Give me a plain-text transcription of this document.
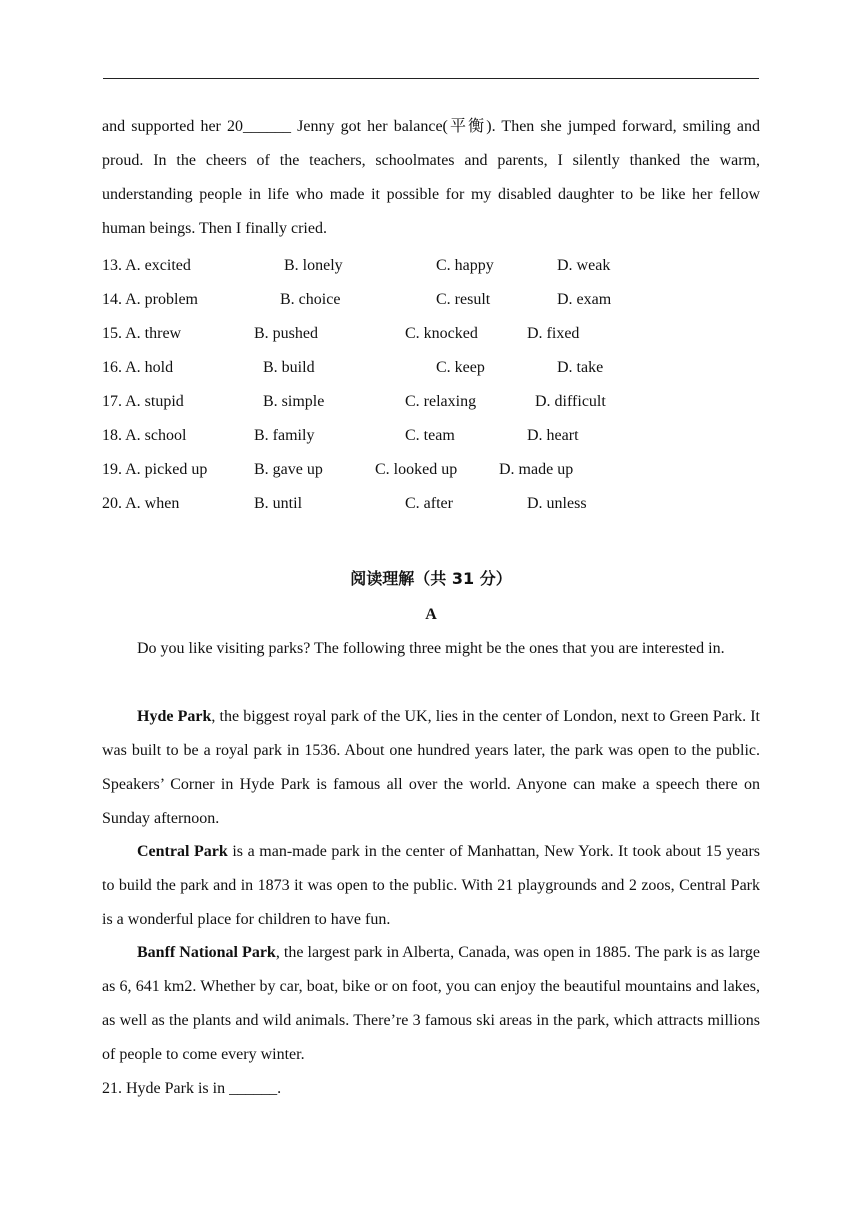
and supported her 20______ Jenny got her balance(平衡). Then she jumped forward, smiling and proud. In the cheers of the teachers, schoolmates and parents, I silently thanked the warm, understanding people in life who made it possible for my disabled daughter to be like her fellow human beings. Then I finally cried.
13. A. excited	B. lonely	C. happy	D. weak
14. A. problem	B. choice	C. result	D. exam
15. A. threw	B. pushed	C. knocked	D. fixed
16. A. hold	B. build	C. keep	D. take
17. A. stupid	B. simple	C. relaxing	D. difficult
18. A. school	B. family	C. team	D. heart
19. A. picked up	B. gave up	C. looked up	D. made up
20. A. when	B. until	C. after	D. unless
阅读理解（共 31 分）
A
Do you like visiting parks? The following three might be the ones that you are interested in.
Hyde Park, the biggest royal park of the UK, lies in the center of London, next to Green Park. It was built to be a royal park in 1536. About one hundred years later, the park was open to the public. Speakers’ Corner in Hyde Park is famous all over the world. Anyone can make a speech there on Sunday afternoon.
Central Park is a man-made park in the center of Manhattan, New York. It took about 15 years to build the park and in 1873 it was open to the public. With 21 playgrounds and 2 zoos, Central Park is a wonderful place for children to have fun.
Banff National Park, the largest park in Alberta, Canada, was open in 1885. The park is as large as 6, 641 km2. Whether by car, boat, bike or on foot, you can enjoy the beautiful mountains and lakes, as well as the plants and wild animals. There’re 3 famous ski areas in the park, which attracts millions of people to come every winter.
21. Hyde Park is in ______.
